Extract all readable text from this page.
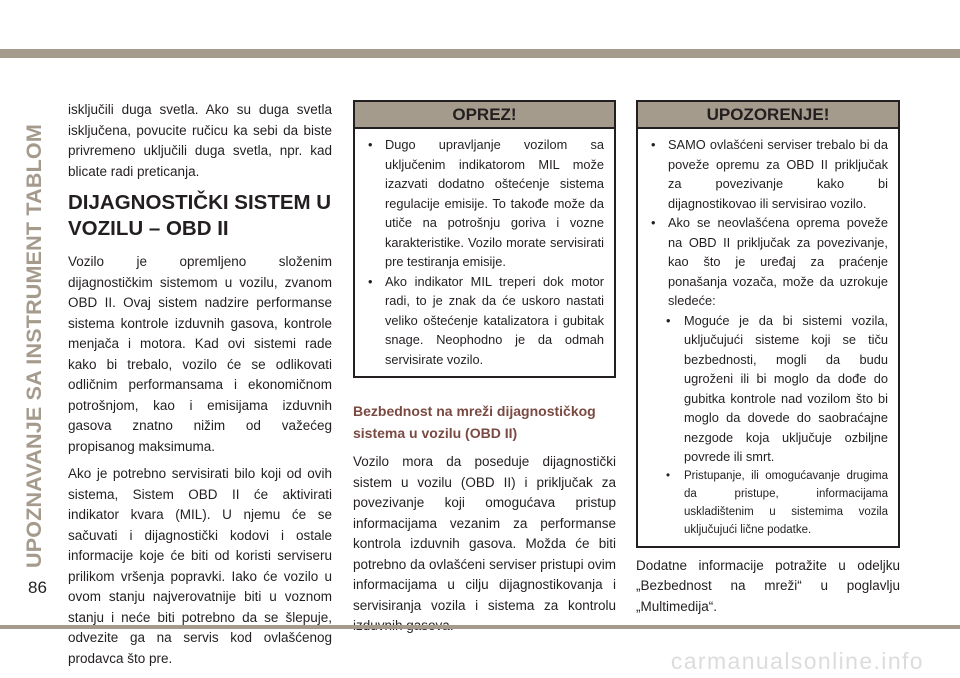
UPOZNAVANJE SA INSTRUMENT TABLOM

isključili duga svetla. Ako su duga svetla isključena, povucite ručicu ka sebi da biste privremeno uključili duga svetla, npr. kad blicate radi preticanja.

DIJAGNOSTIČKI SISTEM U VOZILU – OBD II

Vozilo je opremljeno složenim dijagnostičkim sistemom u vozilu, zvanom OBD II. Ovaj sistem nadzire performanse sistema kontrole izduvnih gasova, kontrole menjača i motora. Kad ovi sistemi rade kako bi trebalo, vozilo će se odlikovati odličnim performansama i ekonomičnom potrošnjom, kao i emisijama izduvnih gasova znatno nižim od važećeg propisanog maksimuma.

Ako je potrebno servisirati bilo koji od ovih sistema, Sistem OBD II će aktivirati indikator kvara (MIL). U njemu će se sačuvati i dijagnostički kodovi i ostale informacije koje će biti od koristi serviseru prilikom vršenja popravki. Iako će vozilo u ovom stanju najverovatnije biti u voznom stanju i neće biti potrebno da se šlepuje, odvezite ga na servis kod ovlašćenog prodavca što pre.

OPREZ!
• Dugo upravljanje vozilom sa uključenim indikatorom MIL može izazvati dodatno oštećenje sistema regulacije emisije. To takođe može da utiče na potrošnju goriva i vozne karakteristike. Vozilo morate servisirati pre testiranja emisije.
• Ako indikator MIL treperi dok motor radi, to je znak da će uskoro nastati veliko oštećenje katalizatora i gubitak snage. Neophodno je da odmah servisirate vozilo.
Bezbednost na mreži dijagnostičkog sistema u vozilu (OBD II)

Vozilo mora da poseduje dijagnostički sistem u vozilu (OBD II) i priključak za povezivanje koji omogućava pristup informacijama vezanim za performanse kontrola izduvnih gasova. Možda će biti potrebno da ovlašćeni serviser pristupi ovim informacijama u cilju dijagnostikovanja i servisiranja vozila i sistema za kontrolu

UPOZORENJE!
• SAMO ovlašćeni serviser trebalo bi da poveže opremu za OBD II priključak za povezivanje kako bi dijagnostikovao ili servisirao vozilo.
• Ako se neovlašćena oprema poveže na OBD II priključak za povezivanje, kao što je uređaj za praćenje ponašanja vozača, može da uzrokuje sledeće:
• Moguće je da bi sistemi vozila, uključujući sisteme koji se tiču bezbednosti, mogli da budu ugroženi ili bi moglo da dođe do gubitka kontrole nad vozilom što bi moglo da dovede do saobraćajne nezgode koja uključuje ozbiljne povrede ili smrt.
• Pristupanje, ili omogućavanje drugima da pristupe, informacijama uskladištenim u sistemima vozila uključujući lične podatke.

Dodatne informacije potražite u odeljku „Bezbednost na mreži“ u poglavlju „Multimedija“.

86
carmanualsonline.info
